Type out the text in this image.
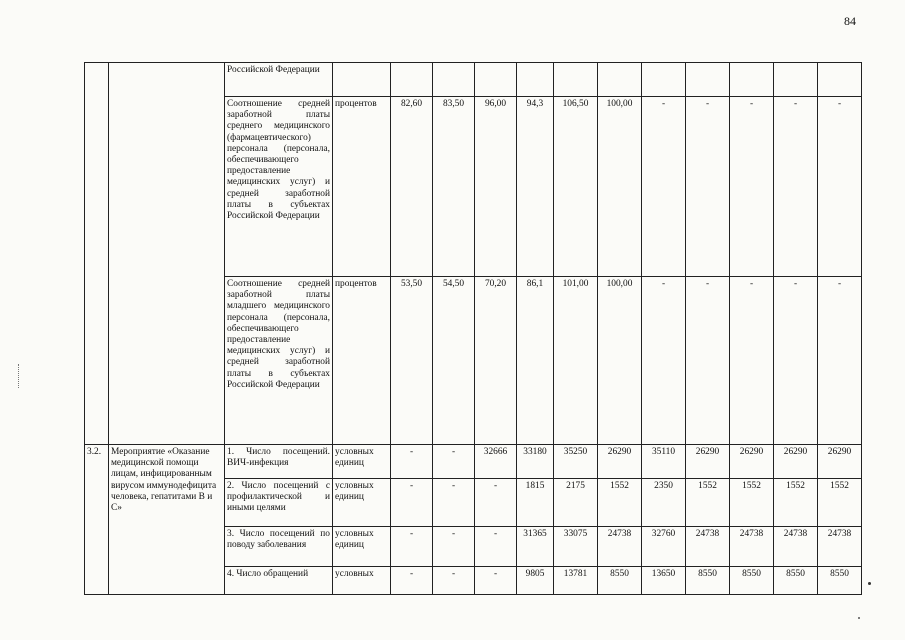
84
		Российской Федерации												
		Соотношение средней заработной платы среднего медицинского (фармацевтического) персонала (персонала, обеспечивающего предоставление медицинских услуг) и средней заработной платы в субъектах Российской Федерации	процентов	82,60	83,50	96,00	94,3	106,50	100,00	-	-	-	-	-
		Соотношение средней заработной платы младшего медицинского персонала (персонала, обеспечивающего предоставление медицинских услуг) и средней заработной платы в субъектах Российской Федерации	процентов	53,50	54,50	70,20	86,1	101,00	100,00	-	-	-	-	-
3.2.	Мероприятие «Оказание медицинской помощи лицам, инфицированным вирусом иммунодефицита человека, гепатитами В и С»	1. Число посещений. ВИЧ-инфекция	условных единиц	-	-	32666	33180	35250	26290	35110	26290	26290	26290	26290
		2. Число посещений с профилактической и иными целями	условных единиц	-	-	-	1815	2175	1552	2350	1552	1552	1552	1552
		3. Число посещений по поводу заболевания	условных единиц	-	-	-	31365	33075	24738	32760	24738	24738	24738	24738
		4. Число обращений	условных	-	-	-	9805	13781	8550	13650	8550	8550	8550	8550
